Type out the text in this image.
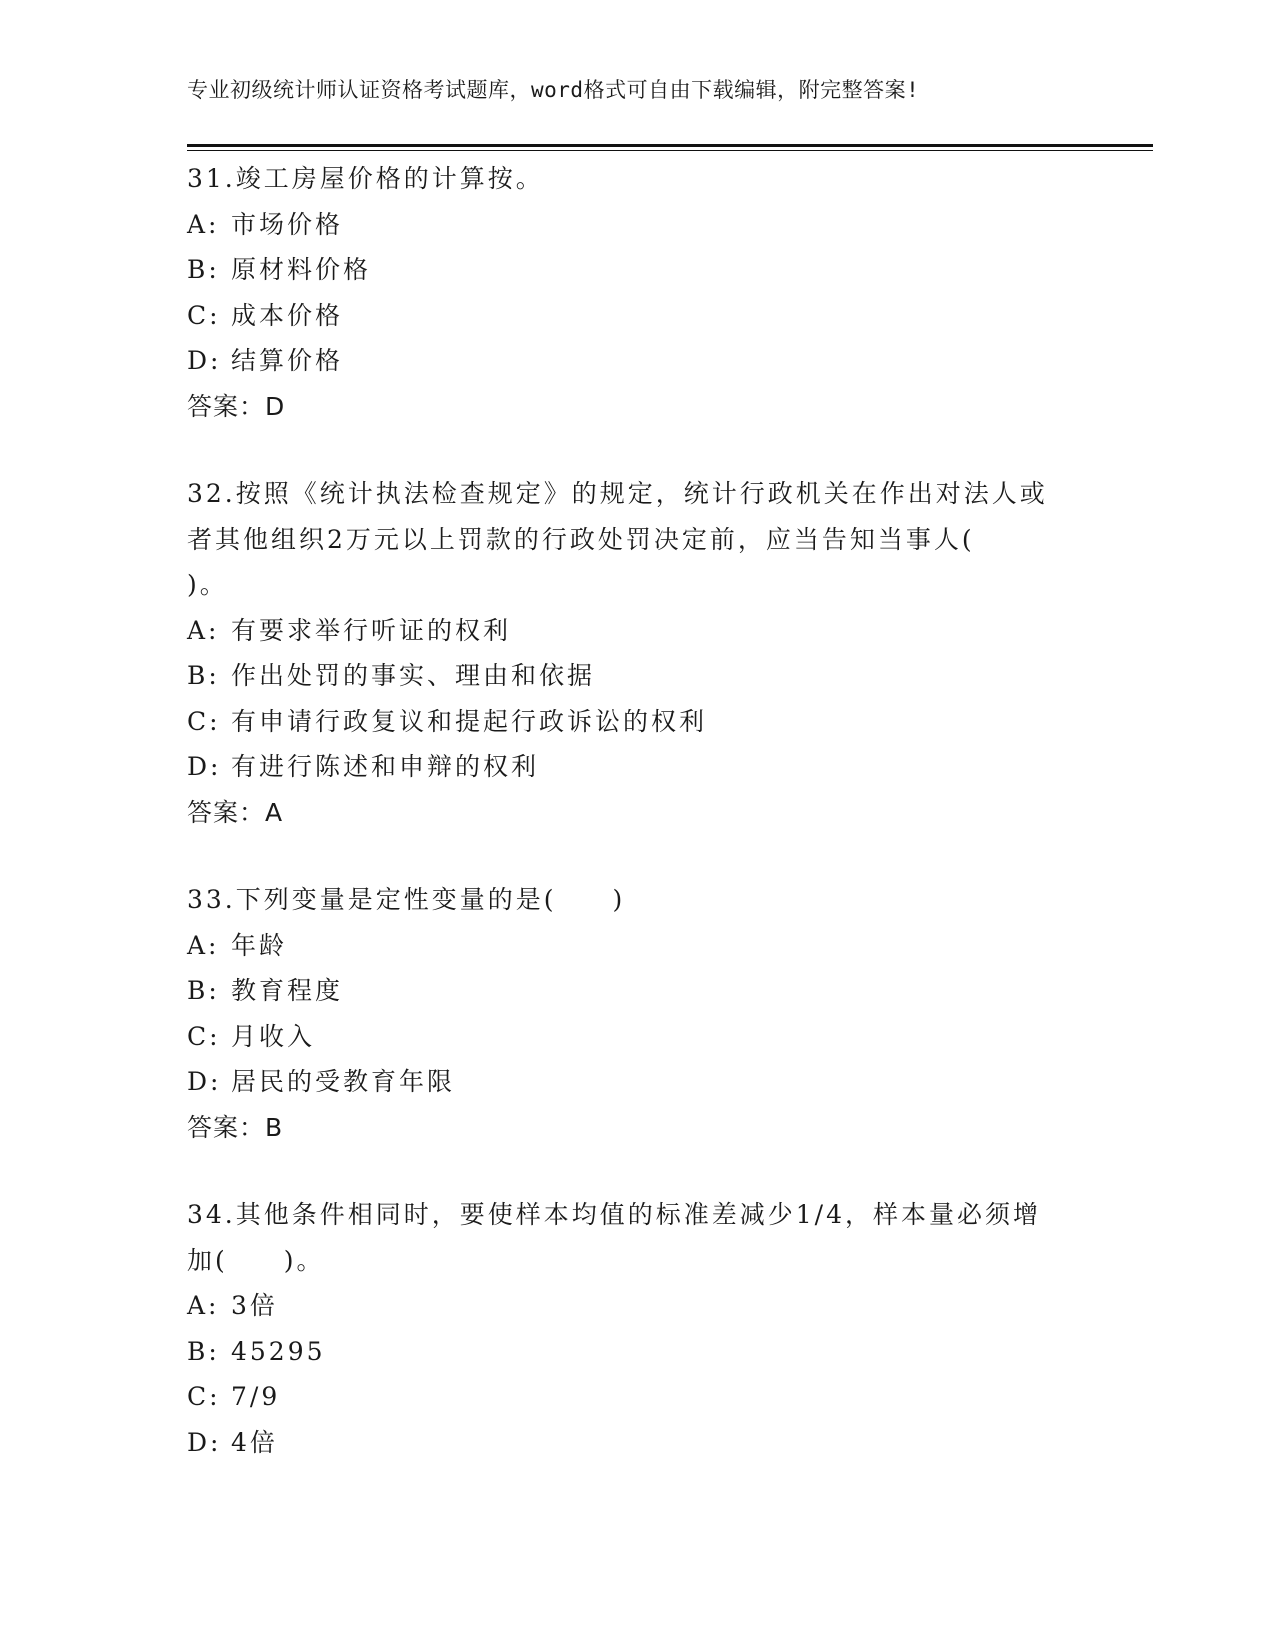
专业初级统计师认证资格考试题库，word格式可自由下载编辑，附完整答案!
31.竣工房屋价格的计算按。
A: 市场价格
B: 原材料价格
C: 成本价格
D: 结算价格
答案：D
32.按照《统计执法检查规定》的规定，统计行政机关在作出对法人或
者其他组织2万元以上罚款的行政处罚决定前，应当告知当事人(
)。
A: 有要求举行听证的权利
B: 作出处罚的事实、理由和依据
C: 有申请行政复议和提起行政诉讼的权利
D: 有进行陈述和申辩的权利
答案：A
33.下列变量是定性变量的是(　　)
A: 年龄
B: 教育程度
C: 月收入
D: 居民的受教育年限
答案：B
34.其他条件相同时，要使样本均值的标准差减少1/4，样本量必须增
加(　　)。
A: 3倍
B: 45295
C: 7/9
D: 4倍
